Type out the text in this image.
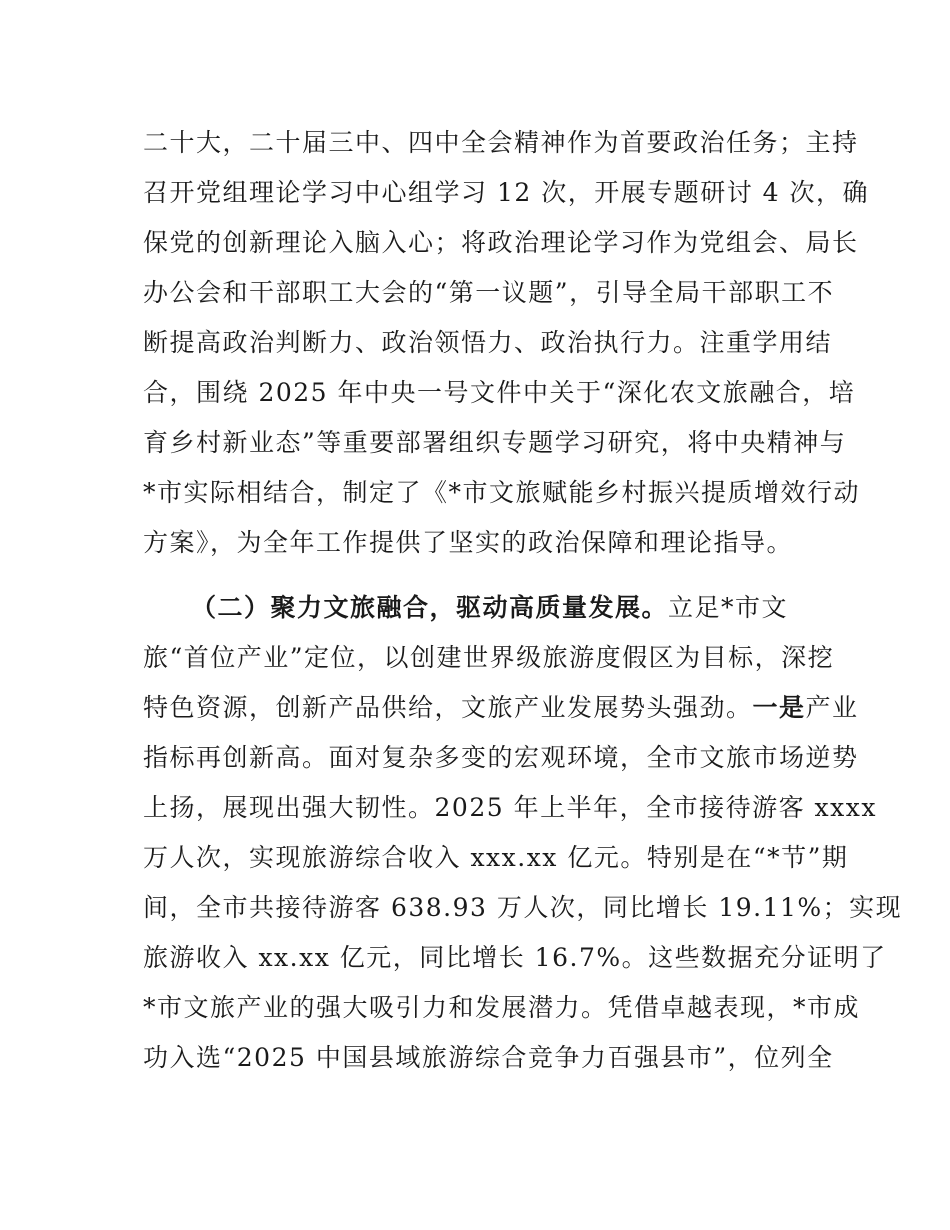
二十大，二十届三中、四中全会精神作为首要政治任务；主持
召开党组理论学习中心组学习 12 次，开展专题研讨 4 次，确
保党的创新理论入脑入心；将政治理论学习作为党组会、局长
办公会和干部职工大会的“第一议题”，引导全局干部职工不
断提高政治判断力、政治领悟力、政治执行力。注重学用结
合，围绕 2025 年中央一号文件中关于“深化农文旅融合，培
育乡村新业态”等重要部署组织专题学习研究，将中央精神与
*市实际相结合，制定了《*市文旅赋能乡村振兴提质增效行动
方案》，为全年工作提供了坚实的政治保障和理论指导。
（二）聚力文旅融合，驱动高质量发展。立足*市文
旅“首位产业”定位，以创建世界级旅游度假区为目标，深挖
特色资源，创新产品供给，文旅产业发展势头强劲。一是产业
指标再创新高。面对复杂多变的宏观环境，全市文旅市场逆势
上扬，展现出强大韧性。2025 年上半年，全市接待游客 xxxx
万人次，实现旅游综合收入 xxx.xx 亿元。特别是在“*节”期
间，全市共接待游客 638.93 万人次，同比增长 19.11%；实现
旅游收入 xx.xx 亿元，同比增长 16.7%。这些数据充分证明了
*市文旅产业的强大吸引力和发展潜力。凭借卓越表现，*市成
功入选“2025 中国县域旅游综合竞争力百强县市”，位列全
